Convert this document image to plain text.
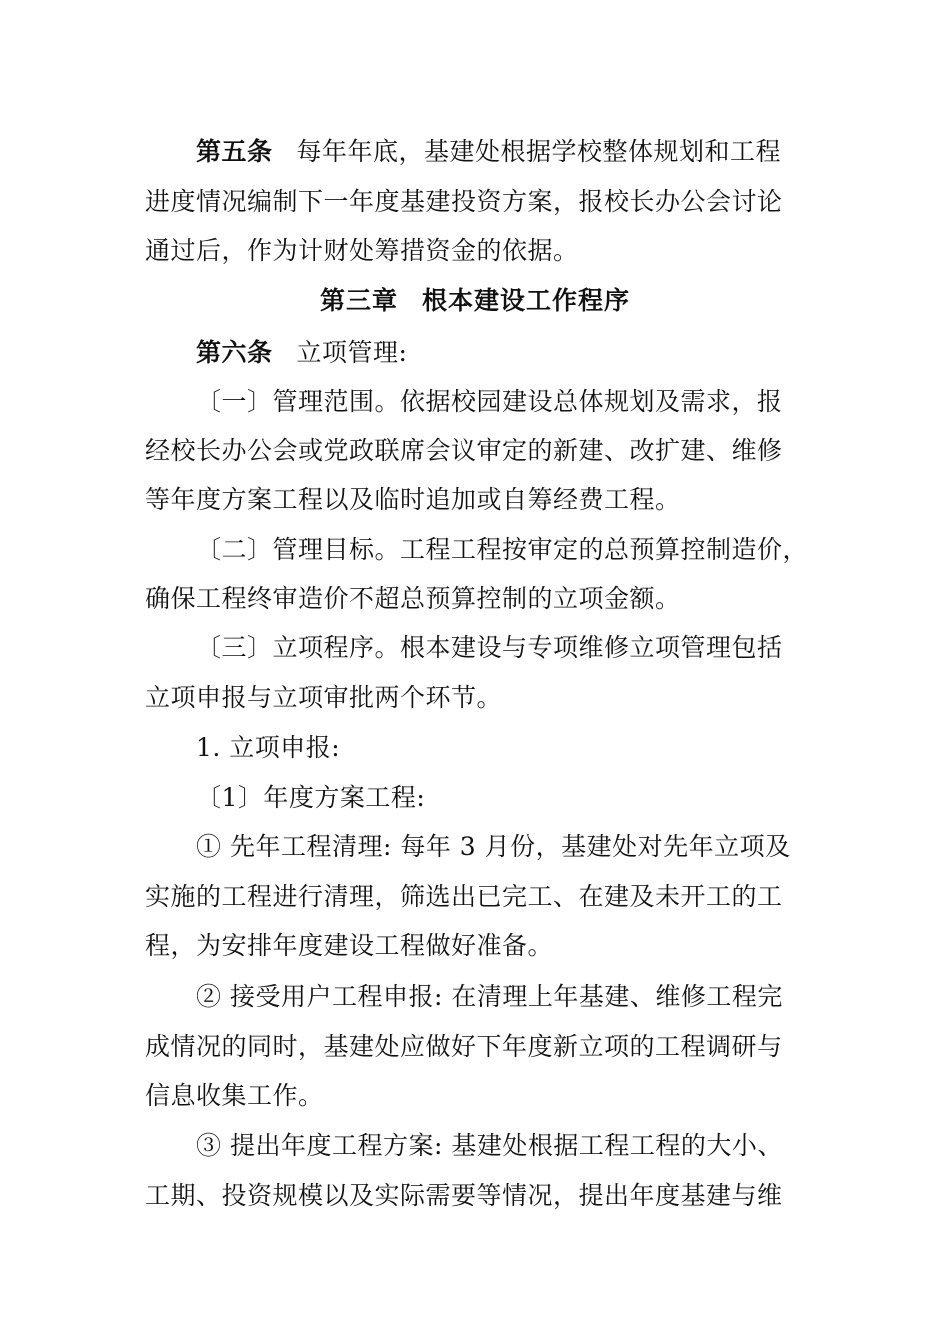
第五条 每年年底，基建处根据学校整体规划和工程
进度情况编制下一年度基建投资方案，报校长办公会讨论
通过后，作为计财处筹措资金的依据。
第三章 根本建设工作程序
第六条 立项管理:
〔一〕管理范围。依据校园建设总体规划及需求，报
经校长办公会或党政联席会议审定的新建、改扩建、维修
等年度方案工程以及临时追加或自筹经费工程。
〔二〕管理目标。工程工程按审定的总预算控制造价，
确保工程终审造价不超总预算控制的立项金额。
〔三〕立项程序。根本建设与专项维修立项管理包括
立项申报与立项审批两个环节。
1. 立项申报:
〔1〕年度方案工程:
① 先年工程清理: 每年 3 月份，基建处对先年立项及
实施的工程进行清理，筛选出已完工、在建及未开工的工
程，为安排年度建设工程做好准备。
② 接受用户工程申报: 在清理上年基建、维修工程完
成情况的同时，基建处应做好下年度新立项的工程调研与
信息收集工作。
③ 提出年度工程方案: 基建处根据工程工程的大小、
工期、投资规模以及实际需要等情况，提出年度基建与维
